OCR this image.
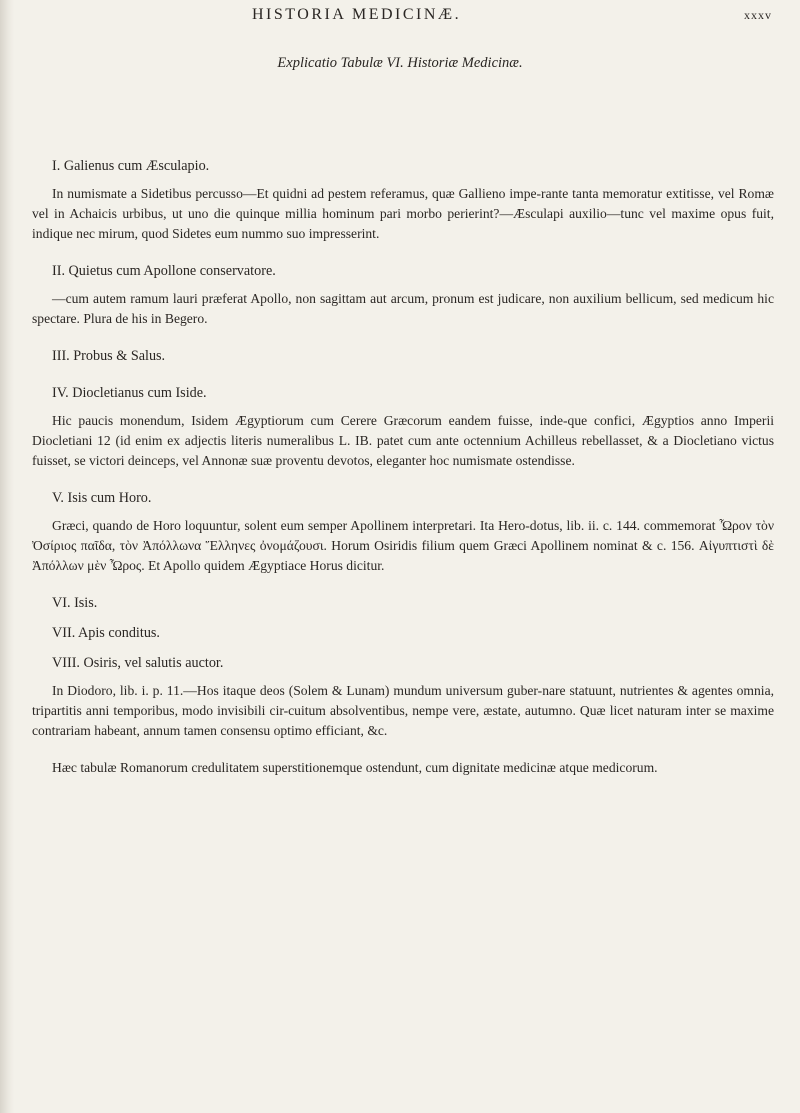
HISTORIA MEDICINÆ.	xxxv
Explicatio Tabulæ VI. Historiæ Medicinæ.
I. Galienus cum Æsculapio.

In numismate a Sidetibus percusso—Et quidni ad pestem referamus, quæ Gallieno impe-rante tanta memoratur extitisse, vel Romæ vel in Achaicis urbibus, ut uno die quinque millia hominum pari morbo perierint?—Æsculapi auxilio—tunc vel maxime opus fuit, indique nec mirum, quod Sidetes eum nummo suo impresserint.

II. Quietus cum Apollone conservatore.

—cum autem ramum lauri præferat Apollo, non sagittam aut arcum, pronum est judicare, non auxilium bellicum, sed medicum hic spectare. Plura de his in Begero.

III. Probus & Salus.
IV. Diocletianus cum Iside.

Hic paucis monendum, Isidem Ægyptiorum cum Cerere Græcorum eandem fuisse, inde-que confici, Ægyptios anno Imperii Diocletiani 12 (id enim ex adjectis literis numeralibus L. IB. patet cum ante octennium Achilleus rebellasset, & a Diocletiano victus fuisset, se victori deinceps, vel Annonæ suæ proventu devotos, eleganter hoc numismate ostendisse.

V. Isis cum Horo.

Græci, quando de Horo loquuntur, solent eum semper Apollinem interpretari. Ita Hero-dotus, lib. ii. c. 144. commemorat Ὦρον τὸν Ὀσίριος παῖδα, τὸν Ἀπόλλωνα Ἕλληνες ὀνομάζουσι. Horum Osiridis filium quem Græci Apollinem nominat & c. 156. Αἰγυπτιστὶ δὲ Ἀπόλλων μὲν Ὦρος. Et Apollo quidem Ægyptiace Horus dicitur.

VI. Isis.
VII. Apis conditus.
VIII. Osiris, vel salutis auctor.

In Diodoro, lib. i. p. 11.—Hos itaque deos (Solem & Lunam) mundum universum guber-nare statuunt, nutrientes & agentes omnia, tripartitis anni temporibus, modo invisibili cir-cuitum absolventibus, nempe vere, æstate, autumno. Quæ licet naturam inter se maxime contrariam habeant, annum tamen consensu optimo efficiant, &c.

Hæc tabulæ Romanorum credulitatem superstitionemque ostendunt, cum dignitate medicinæ atque medicorum.
